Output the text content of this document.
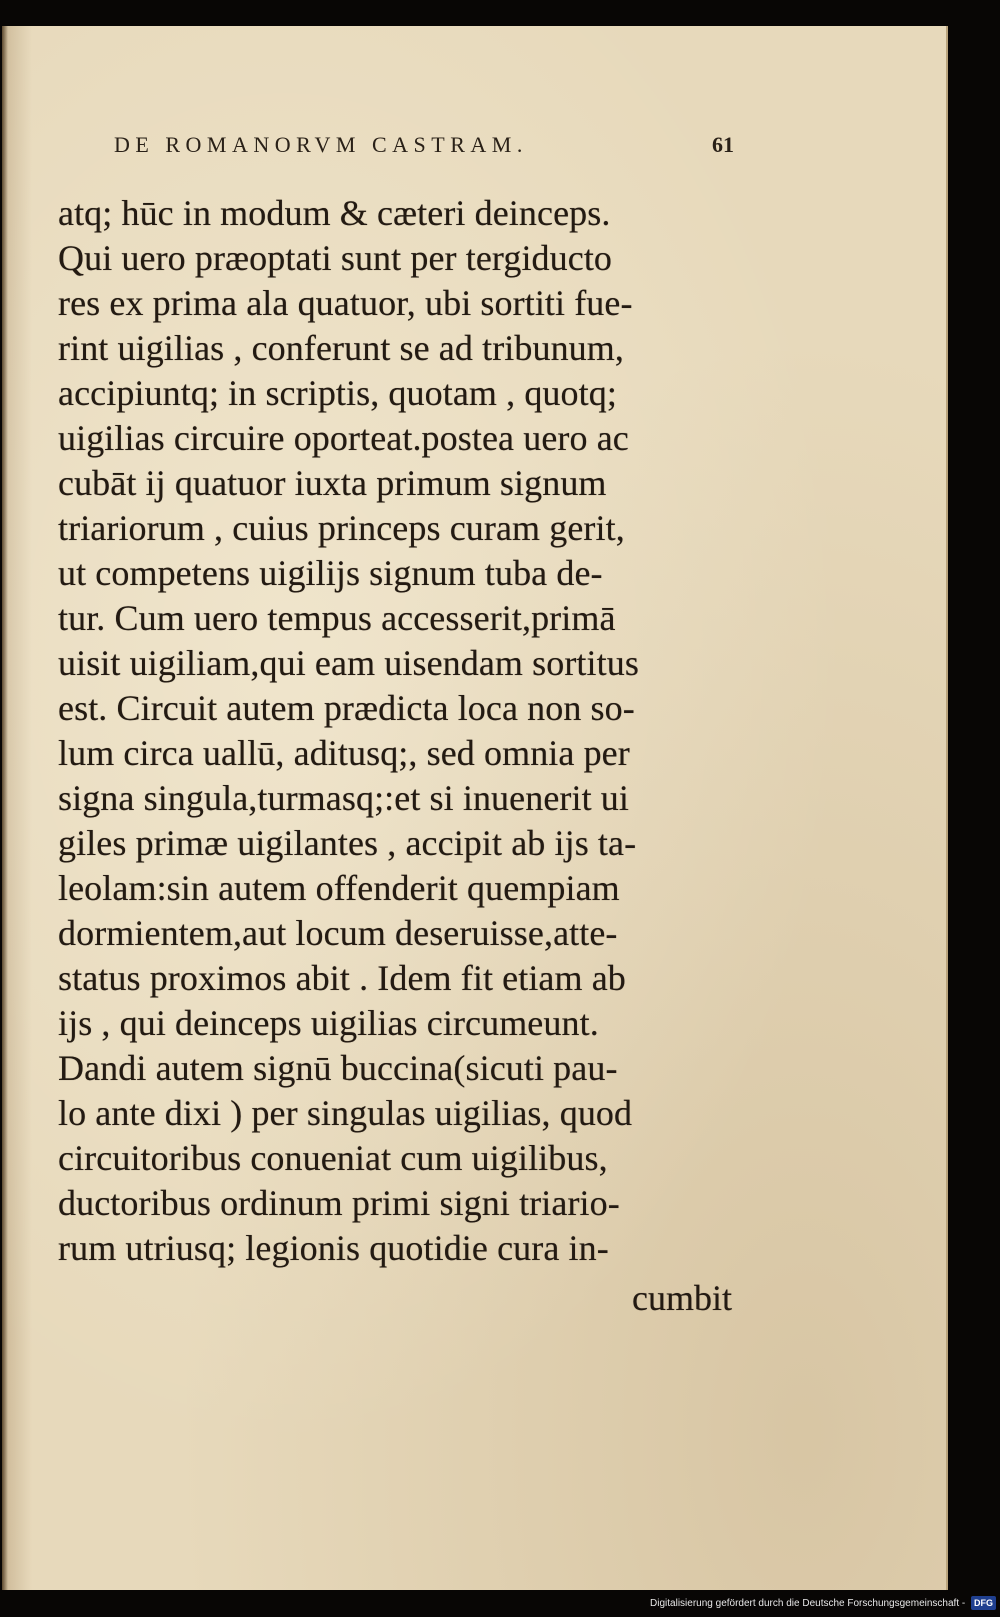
DE ROMANORVM CASTRAM.	61
atq; hūc in modum & cæteri deinceps.
Qui uero præoptati sunt per tergiducto
res ex prima ala quatuor, ubi sortiti fue-
rint uigilias , conferunt se ad tribunum,
accipiuntq; in scriptis, quotam , quotq;
uigilias circuire oporteat.postea uero ac
cubāt ij quatuor iuxta primum signum
triariorum , cuius princeps curam gerit,
ut competens uigilijs signum tuba de-
tur. Cum uero tempus accesserit,primā
uisit uigiliam,qui eam uisendam sortitus
est. Circuit autem prædicta loca non so-
lum circa uallū, aditusq;, sed omnia per
signa singula,turmasq;:et si inuenerit ui
giles primæ uigilantes , accipit ab ijs ta-
leolam:sin autem offenderit quempiam
dormientem,aut locum deseruisse,atte-
status proximos abit . Idem fit etiam ab
ijs , qui deinceps uigilias circumeunt.
Dandi autem signū buccina(sicuti pau-
lo ante dixi ) per singulas uigilias, quod
circuitoribus conueniat cum uigilibus,
ductoribus ordinum primi signi triario-
rum utriusq; legionis quotidie cura in-
cumbit
Digitalisierung gefördert durch die Deutsche Forschungsgemeinschaft - DFG
